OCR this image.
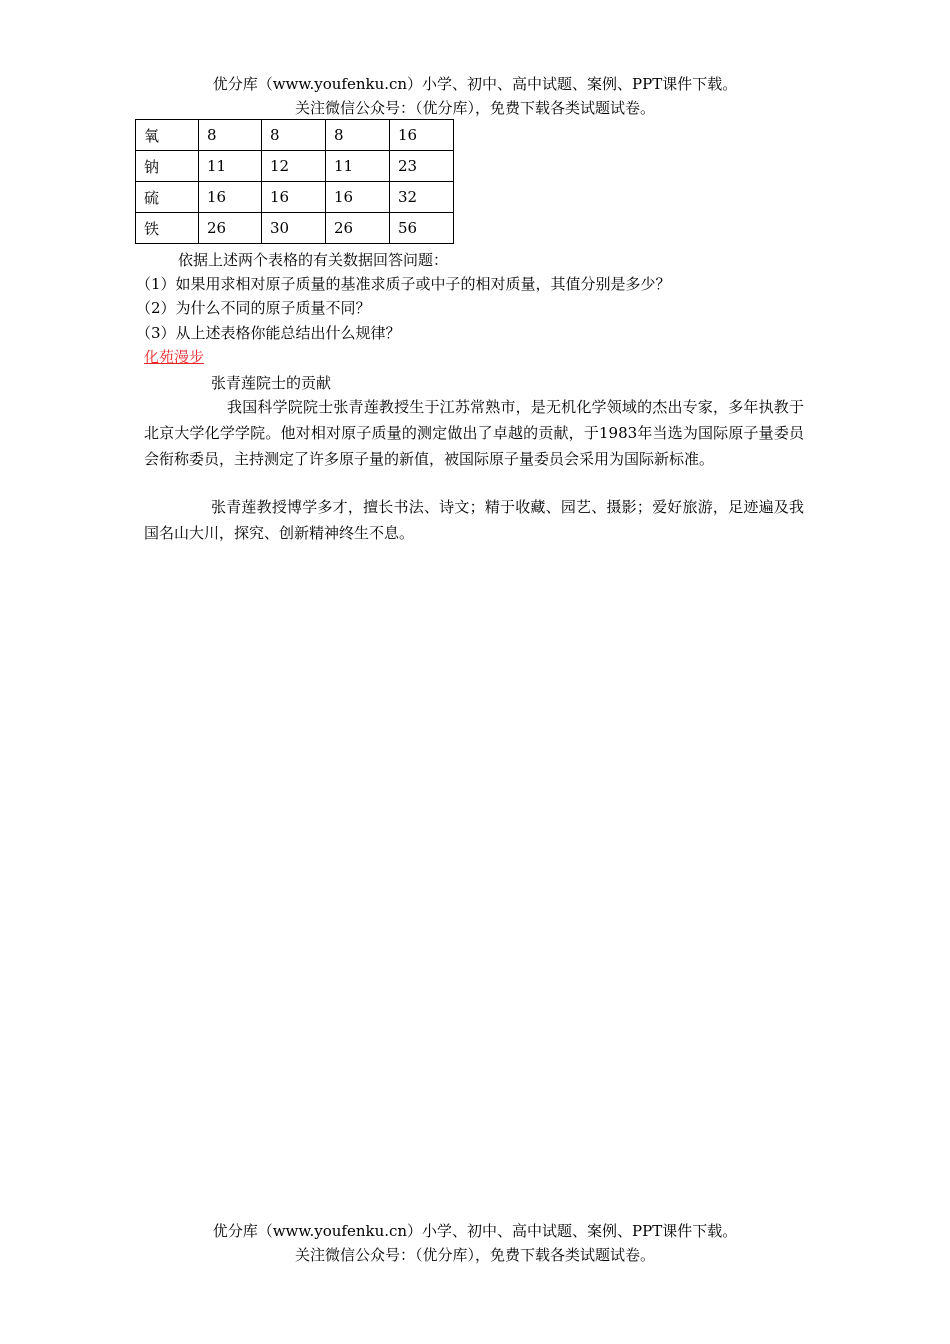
优分库（www.youfenku.cn）小学、初中、高中试题、案例、PPT课件下载。
关注微信公众号：（优分库），免费下载各类试题试卷。
氧	8	8	8	16
钠	11	12	11	23
硫	16	16	16	32
铁	26	30	26	56
依据上述两个表格的有关数据回答问题：
（1）如果用求相对原子质量的基准求质子或中子的相对质量，其值分别是多少？
（2）为什么不同的原子质量不同？
（3）从上述表格你能总结出什么规律？
化苑漫步
张青莲院士的贡献
我国科学院院士张青莲教授生于江苏常熟市，是无机化学领域的杰出专家，多年执教于北京大学化学学院。他对相对原子质量的测定做出了卓越的贡献，于1983年当选为国际原子量委员会衔称委员，主持测定了许多原子量的新值，被国际原子量委员会采用为国际新标准。
张青莲教授博学多才，擅长书法、诗文；精于收藏、园艺、摄影；爱好旅游，足迹遍及我国名山大川，探究、创新精神终生不息。
优分库（www.youfenku.cn）小学、初中、高中试题、案例、PPT课件下载。
关注微信公众号：（优分库），免费下载各类试题试卷。
